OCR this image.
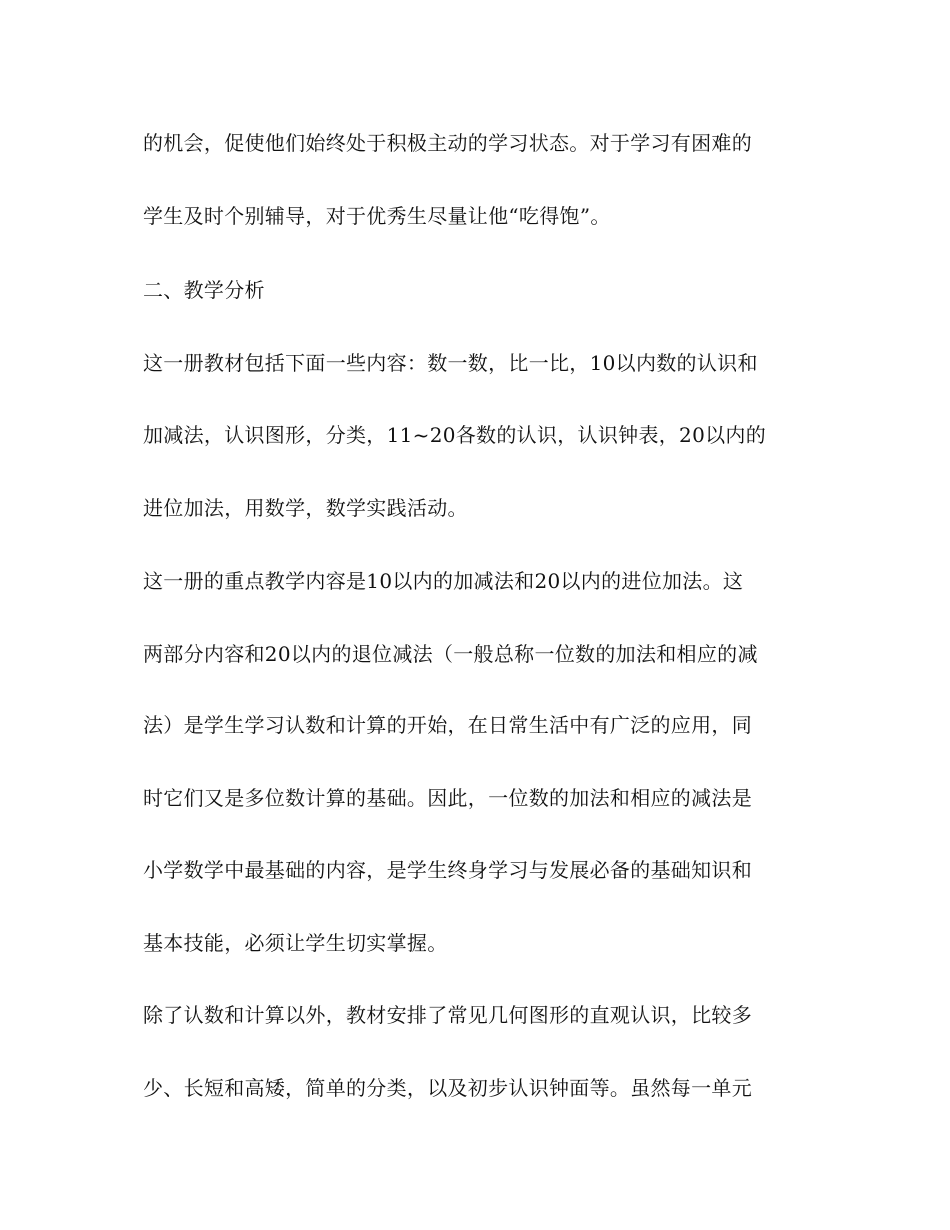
的机会，促使他们始终处于积极主动的学习状态。对于学习有困难的
学生及时个别辅导，对于优秀生尽量让他“吃得饱”。
二、教学分析
这一册教材包括下面一些内容：数一数，比一比，10以内数的认识和
加减法，认识图形，分类，11~20各数的认识，认识钟表，20以内的
进位加法，用数学，数学实践活动。
这一册的重点教学内容是10以内的加减法和20以内的进位加法。这
两部分内容和20以内的退位减法（一般总称一位数的加法和相应的减
法）是学生学习认数和计算的开始，在日常生活中有广泛的应用，同
时它们又是多位数计算的基础。因此，一位数的加法和相应的减法是
小学数学中最基础的内容，是学生终身学习与发展必备的基础知识和
基本技能，必须让学生切实掌握。
除了认数和计算以外，教材安排了常见几何图形的直观认识，比较多
少、长短和高矮，简单的分类，以及初步认识钟面等。虽然每一单元
